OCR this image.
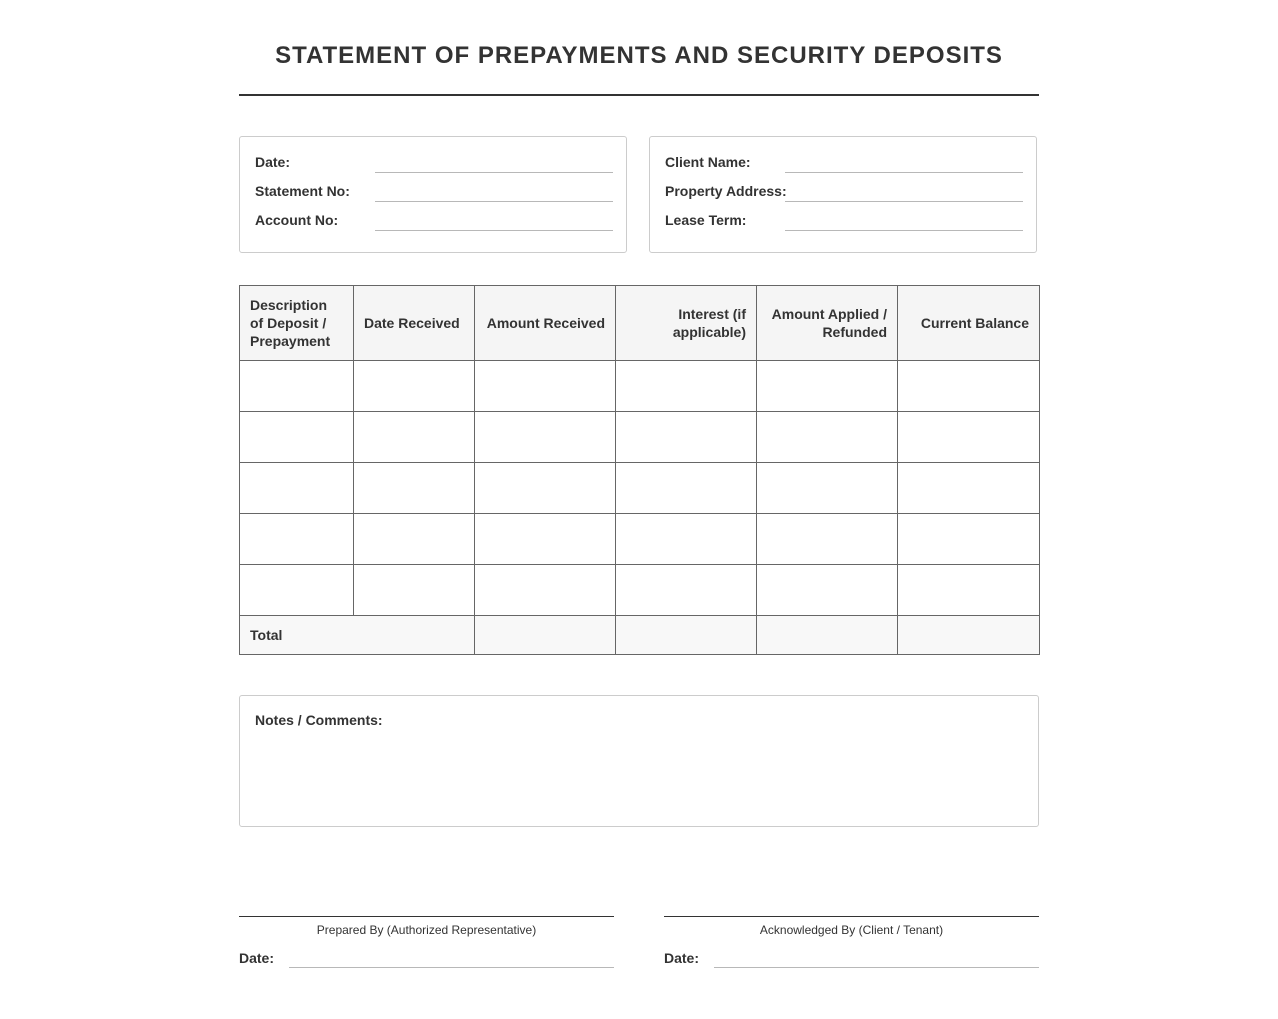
STATEMENT OF PREPAYMENTS AND SECURITY DEPOSITS
Date:
Statement No:
Account No:
Client Name:
Property Address:
Lease Term:
Description of Deposit / Prepayment	Date Received	Amount Received	Interest (if applicable)	Amount Applied / Refunded	Current Balance

Total					
Notes / Comments:
Prepared By (Authorized Representative)
Date:
Acknowledged By (Client / Tenant)
Date:
